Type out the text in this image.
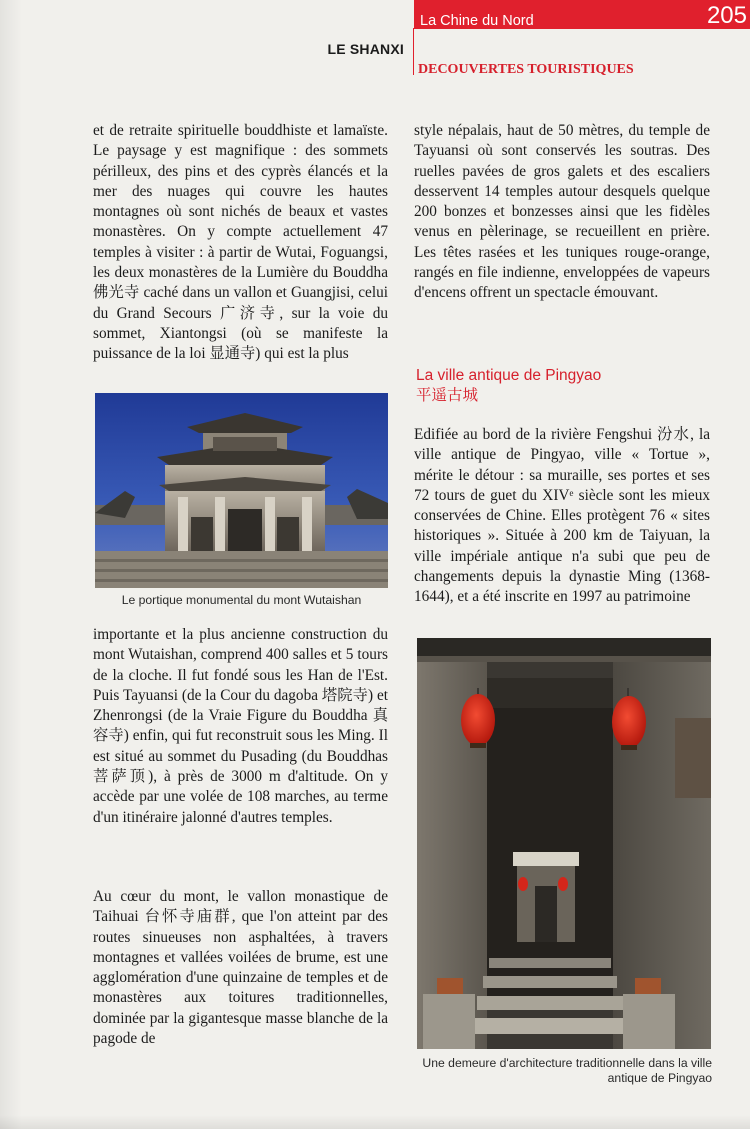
La Chine du Nord	205
LE SHANXI
DECOUVERTES TOURISTIQUES

et de retraite spirituelle bouddhiste et lamaïste. Le paysage y est magnifique : des sommets périlleux, des pins et des cyprès élancés et la mer des nuages qui couvre les hautes montagnes où sont nichés de beaux et vastes monastères. On y compte actuellement 47 temples à visiter : à partir de Wutai, Foguangsi, les deux monastères de la Lumière du Bouddha 佛光寺 caché dans un vallon et Guangjisi, celui du Grand Secours 广济寺, sur la voie du sommet, Xiantongsi (où se manifeste la puissance de la loi 显通寺) qui est la plus

Le portique monumental du mont Wutaishan

importante et la plus ancienne construction du mont Wutaishan, comprend 400 salles et 5 tours de la cloche. Il fut fondé sous les Han de l'Est. Puis Tayuansi (de la Cour du dagoba 塔院寺) et Zhenrongsi (de la Vraie Figure du Bouddha 真容寺) enfin, qui fut reconstruit sous les Ming. Il est situé au sommet du Pusading (du Bouddhas 菩萨顶), à près de 3000 m d'altitude. On y accède par une volée de 108 marches, au terme d'un itinéraire jalonné d'autres temples.

Au cœur du mont, le vallon monastique de Taihuai 台怀寺庙群, que l'on atteint par des routes sinueuses non asphaltées, à travers montagnes et vallées voilées de brume, est une agglomération d'une quinzaine de temples et de monastères aux toitures traditionnelles, dominée par la gigantesque masse blanche de la pagode de

style népalais, haut de 50 mètres, du temple de Tayuansi où sont conservés les soutras. Des ruelles pavées de gros galets et des escaliers desservent 14 temples autour desquels quelque 200 bonzes et bonzesses ainsi que les fidèles venus en pèlerinage, se recueillent en prière. Les têtes rasées et les tuniques rouge-orange, rangés en file indienne, enveloppées de vapeurs d'encens offrent un spectacle émouvant.

La ville antique de Pingyao
平遥古城

Edifiée au bord de la rivière Fengshui 汾水, la ville antique de Pingyao, ville « Tortue », mérite le détour : sa muraille, ses portes et ses 72 tours de guet du XIVᵉ siècle sont les mieux conservées de Chine. Elles protègent 76 « sites historiques ». Située à 200 km de Taiyuan, la ville impériale antique n'a subi que peu de changements depuis la dynastie Ming (1368-1644), et a été inscrite en 1997 au patrimoine

Une demeure d'architecture traditionnelle dans la ville antique de Pingyao
